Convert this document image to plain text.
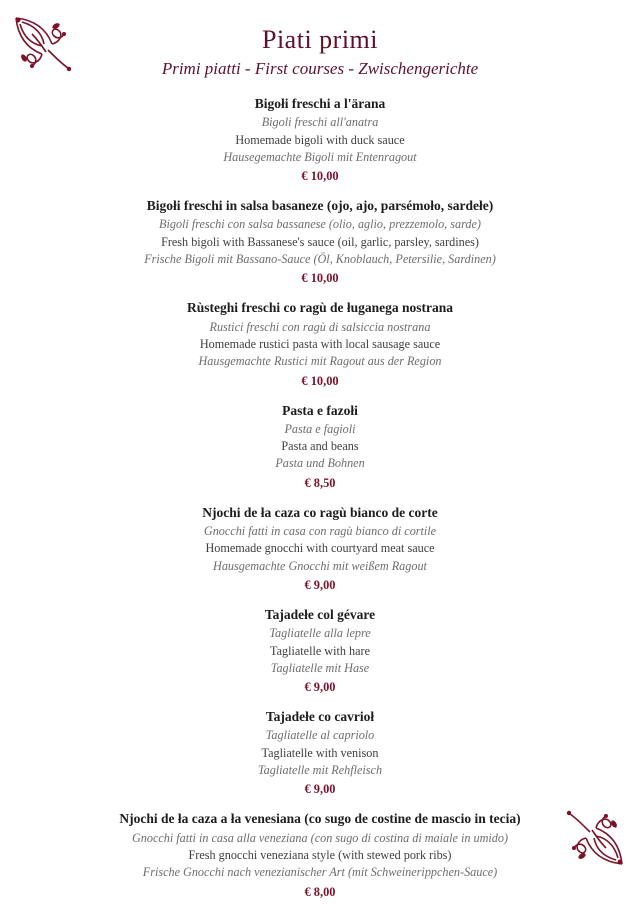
Piati primi

Primi piatti - First courses - Zwischengerichte

Bigołi freschi a l'ärana
Bigoli freschi all'anatra
Homemade bigoli with duck sauce
Hausegemachte Bigoli mit Entenragout
€ 10,00
Bigołi freschi in salsa basaneze (ojo, ajo, parsémoło, sardełe)
Bigoli freschi con salsa bassanese (olio, aglio, prezzemolo, sarde)
Fresh bigoli with Bassanese's sauce (oil, garlic, parsley, sardines)
Frische Bigoli mit Bassano-Sauce (Öl, Knoblauch, Petersilie, Sardinen)
€ 10,00
Rùsteghi freschi co ragù de ługanega nostrana
Rustici freschi con ragù di salsiccia nostrana
Homemade rustici pasta with local sausage sauce
Hausgemachte Rustici mit Ragout aus der Region
€ 10,00
Pasta e fazołi
Pasta e fagioli
Pasta and beans
Pasta und Bohnen
€ 8,50
Njochi de ła caza co ragù bianco de corte
Gnocchi fatti in casa con ragù bianco di cortile
Homemade gnocchi with courtyard meat sauce
Hausgemachte Gnocchi mit weißem Ragout
€ 9,00
Tajadełe col gévare
Tagliatelle alla lepre
Tagliatelle with hare
Tagliatelle mit Hase
€ 9,00
Tajadełe co cavrioł
Tagliatelle al capriolo
Tagliatelle with venison
Tagliatelle mit Rehfleisch
€ 9,00
Njochi de ła caza a ła venesiana (co sugo de costine de mascio in tecia)
Gnocchi fatti in casa alla veneziana (con sugo di costina di maiale in umido)
Fresh gnocchi veneziana style (with stewed pork ribs)
Frische Gnocchi nach venezianischer Art (mit Schweinerippchen-Sauce)
€ 8,00
